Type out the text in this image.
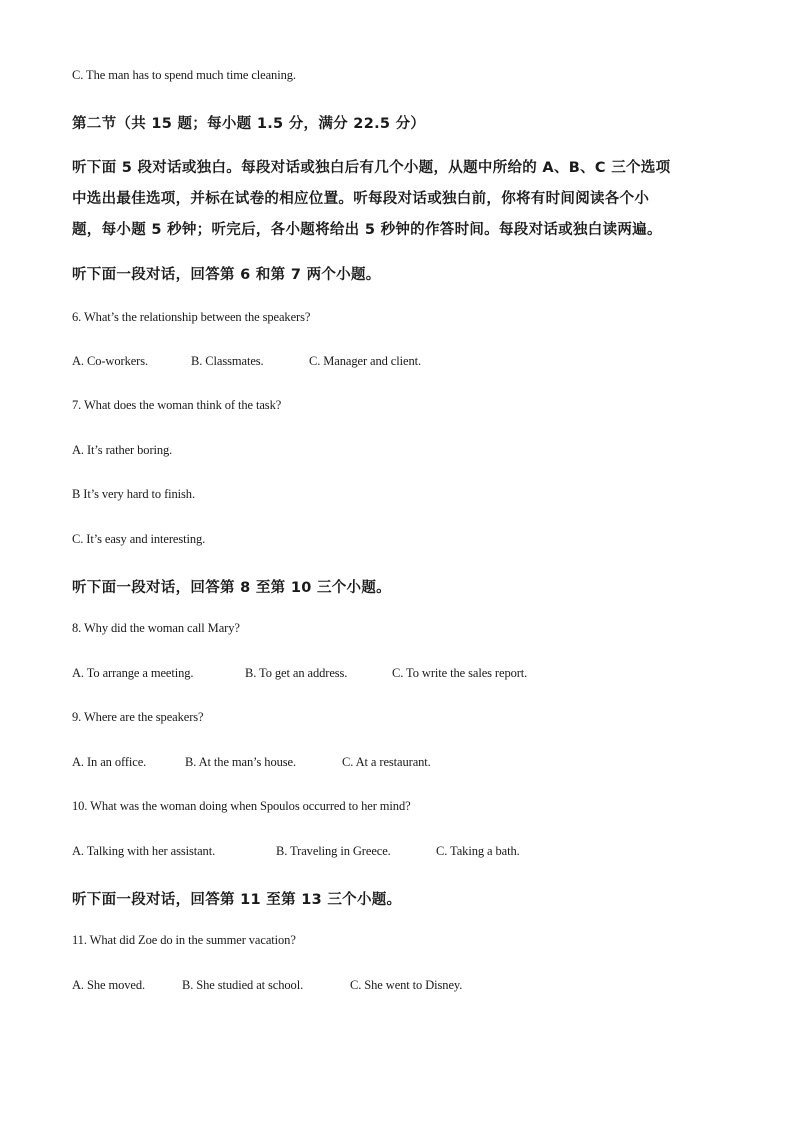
C. The man has to spend much time cleaning.
第二节（共 15 题；每小题 1.5 分，满分 22.5 分）
听下面 5 段对话或独白。每段对话或独白后有几个小题，从题中所给的 A、B、C 三个选项
中选出最佳选项，并标在试卷的相应位置。听每段对话或独白前，你将有时间阅读各个小
题，每小题 5 秒钟；听完后，各小题将给出 5 秒钟的作答时间。每段对话或独白读两遍。
听下面一段对话，回答第 6 和第 7 两个小题。
6. What’s the relationship between the speakers?
A. Co-workers.	B. Classmates.	C. Manager and client.
7. What does the woman think of the task?
A. It’s rather boring.
B It’s very hard to finish.
C. It’s easy and interesting.
听下面一段对话，回答第 8 至第 10 三个小题。
8. Why did the woman call Mary?
A. To arrange a meeting.	B. To get an address.	C. To write the sales report.
9. Where are the speakers?
A. In an office.	B. At the man’s house.	C. At a restaurant.
10. What was the woman doing when Spoulos occurred to her mind?
A. Talking with her assistant.	B. Traveling in Greece.	C. Taking a bath.
听下面一段对话，回答第 11 至第 13 三个小题。
11. What did Zoe do in the summer vacation?
A. She moved.	B. She studied at school.	C. She went to Disney.
